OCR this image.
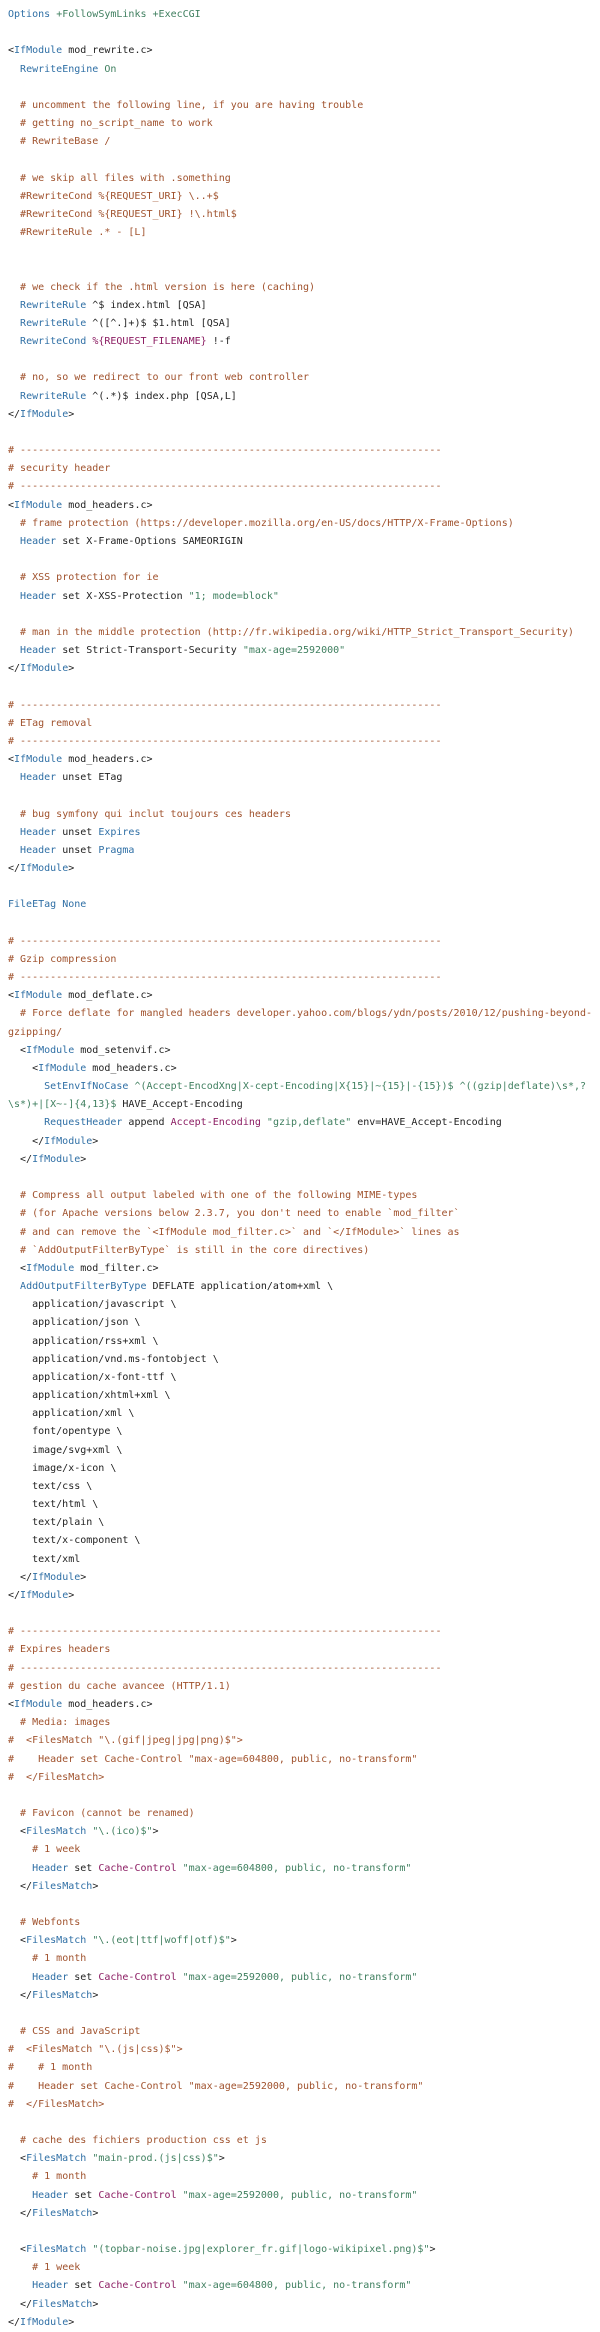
Options +FollowSymLinks +ExecCGI

<IfModule mod_rewrite.c>
RewriteEngine On

# uncomment the following line, if you are having trouble
# getting no_script_name to work
# RewriteBase /

# we skip all files with .something
#RewriteCond %{REQUEST_URI} \..+$
#RewriteCond %{REQUEST_URI} !\.html$
#RewriteRule .* - [L]

# we check if the .html version is here (caching)
RewriteRule ^$ index.html [QSA]
RewriteRule ^([^.]+)$ $1.html [QSA]
RewriteCond %{REQUEST_FILENAME} !-f

# no, so we redirect to our front web controller
RewriteRule ^(.*)$ index.php [QSA,L]
</IfModule>

# ----------------------------------------------------------------------
# security header
# ----------------------------------------------------------------------
<IfModule mod_headers.c>
# frame protection (https://developer.mozilla.org/en-US/docs/HTTP/X-Frame-Options)
Header set X-Frame-Options SAMEORIGIN

# XSS protection for ie
Header set X-XSS-Protection "1; mode=block"

# man in the middle protection (http://fr.wikipedia.org/wiki/HTTP_Strict_Transport_Security)
Header set Strict-Transport-Security "max-age=2592000"
</IfModule>

# ----------------------------------------------------------------------
# ETag removal
# ----------------------------------------------------------------------
<IfModule mod_headers.c>
Header unset ETag

# bug symfony qui inclut toujours ces headers
Header unset Expires
Header unset Pragma
</IfModule>

FileETag None

# ----------------------------------------------------------------------
# Gzip compression
# ----------------------------------------------------------------------
<IfModule mod_deflate.c>
# Force deflate for mangled headers developer.yahoo.com/blogs/ydn/posts/2010/12/pushing-beyond-
gzipping/
<IfModule mod_setenvif.c>
<IfModule mod_headers.c>
SetEnvIfNoCase ^(Accept-EncodXng|X-cept-Encoding|X{15}|~{15}|-{15})$ ^((gzip|deflate)\s*,?
\s*)+|[X~-]{4,13}$ HAVE_Accept-Encoding
RequestHeader append Accept-Encoding "gzip,deflate" env=HAVE_Accept-Encoding
</IfModule>
</IfModule>

# Compress all output labeled with one of the following MIME-types
# (for Apache versions below 2.3.7, you don't need to enable `mod_filter`
# and can remove the `<IfModule mod_filter.c>` and `</IfModule>` lines as
# `AddOutputFilterByType` is still in the core directives)
<IfModule mod_filter.c>
AddOutputFilterByType DEFLATE application/atom+xml \
application/javascript \
application/json \
application/rss+xml \
application/vnd.ms-fontobject \
application/x-font-ttf \
application/xhtml+xml \
application/xml \
font/opentype \
image/svg+xml \
image/x-icon \
text/css \
text/html \
text/plain \
text/x-component \
text/xml
</IfModule>
</IfModule>

# ----------------------------------------------------------------------
# Expires headers
# ----------------------------------------------------------------------
# gestion du cache avancee (HTTP/1.1)
<IfModule mod_headers.c>
# Media: images
#  <FilesMatch "\.(gif|jpeg|jpg|png)$">
#    Header set Cache-Control "max-age=604800, public, no-transform"
#  </FilesMatch>

# Favicon (cannot be renamed)
<FilesMatch "\.(ico)$">
# 1 week
Header set Cache-Control "max-age=604800, public, no-transform"
</FilesMatch>

# Webfonts
<FilesMatch "\.(eot|ttf|woff|otf)$">
# 1 month
Header set Cache-Control "max-age=2592000, public, no-transform"
</FilesMatch>

# CSS and JavaScript
#  <FilesMatch "\.(js|css)$">
#    # 1 month
#    Header set Cache-Control "max-age=2592000, public, no-transform"
#  </FilesMatch>

# cache des fichiers production css et js
<FilesMatch "main-prod.(js|css)$">
# 1 month
Header set Cache-Control "max-age=2592000, public, no-transform"
</FilesMatch>

<FilesMatch "(topbar-noise.jpg|explorer_fr.gif|logo-wikipixel.png)$">
# 1 week
Header set Cache-Control "max-age=604800, public, no-transform"
</FilesMatch>
</IfModule>
